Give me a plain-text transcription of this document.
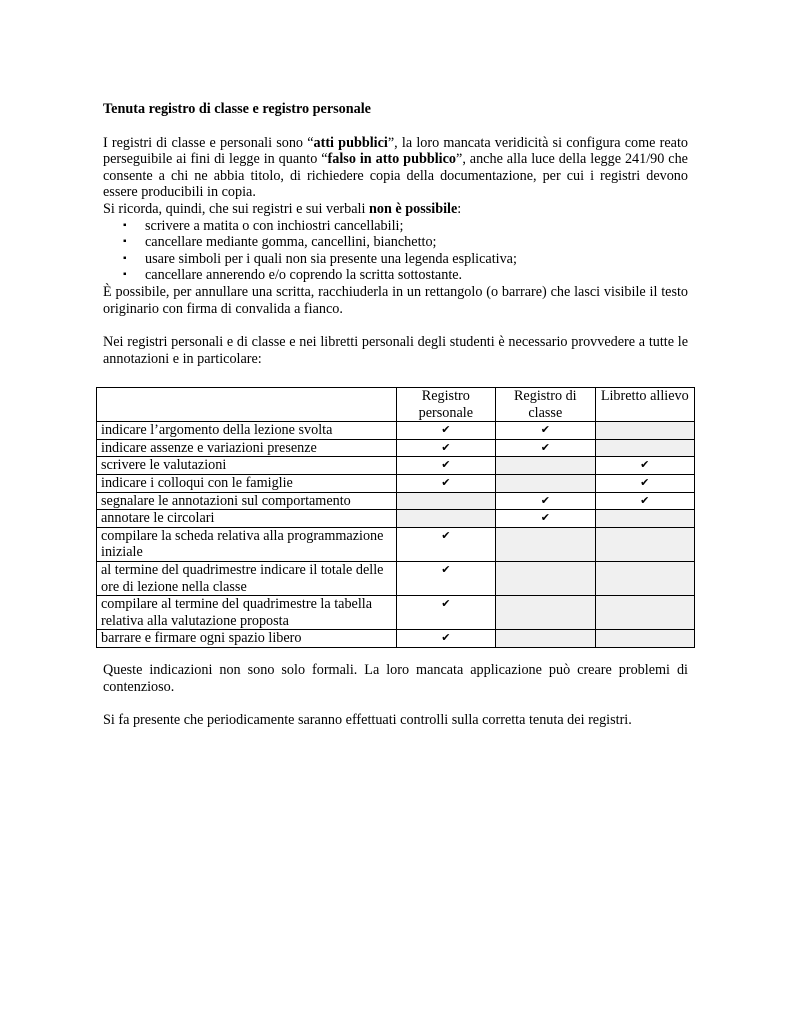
Tenuta registro di classe e registro personale

I registri di classe e personali sono “atti pubblici”, la loro mancata veridicità si configura come reato perseguibile ai fini di legge in quanto “falso in atto pubblico”, anche alla luce della legge 241/90 che consente a chi ne abbia titolo, di richiedere copia della documentazione, per cui i registri devono essere producibili in copia.

Si ricorda, quindi, che sui registri e sui verbali non è possibile:

▪ scrivere a matita o con inchiostri cancellabili;
▪ cancellare mediante gomma, cancellini, bianchetto;
▪ usare simboli per i quali non sia presente una legenda esplicativa;
▪ cancellare annerendo e/o coprendo la scritta sottostante.

È possibile, per annullare una scritta, racchiuderla in un rettangolo (o barrare) che lasci visibile il testo originario con firma di convalida a fianco.

Nei registri personali e di classe e nei libretti personali degli studenti è necessario provvedere a tutte le annotazioni e in particolare:

	Registro personale	Registro di classe	Libretto allievo
indicare l’argomento della lezione svolta	✔	✔	
indicare assenze e variazioni presenze	✔	✔	
scrivere le valutazioni	✔		✔
indicare i colloqui con le famiglie	✔		✔
segnalare le annotazioni sul comportamento		✔	✔
annotare le circolari		✔	
compilare la scheda relativa alla programmazione iniziale	✔		
al termine del quadrimestre indicare il totale delle ore di lezione nella classe	✔		
compilare al termine del quadrimestre la tabella relativa alla valutazione proposta	✔		
barrare e firmare ogni spazio libero	✔		

Queste indicazioni non sono solo formali. La loro mancata applicazione può creare problemi di contenzioso.

Si fa presente che periodicamente saranno effettuati controlli sulla corretta tenuta dei registri.
